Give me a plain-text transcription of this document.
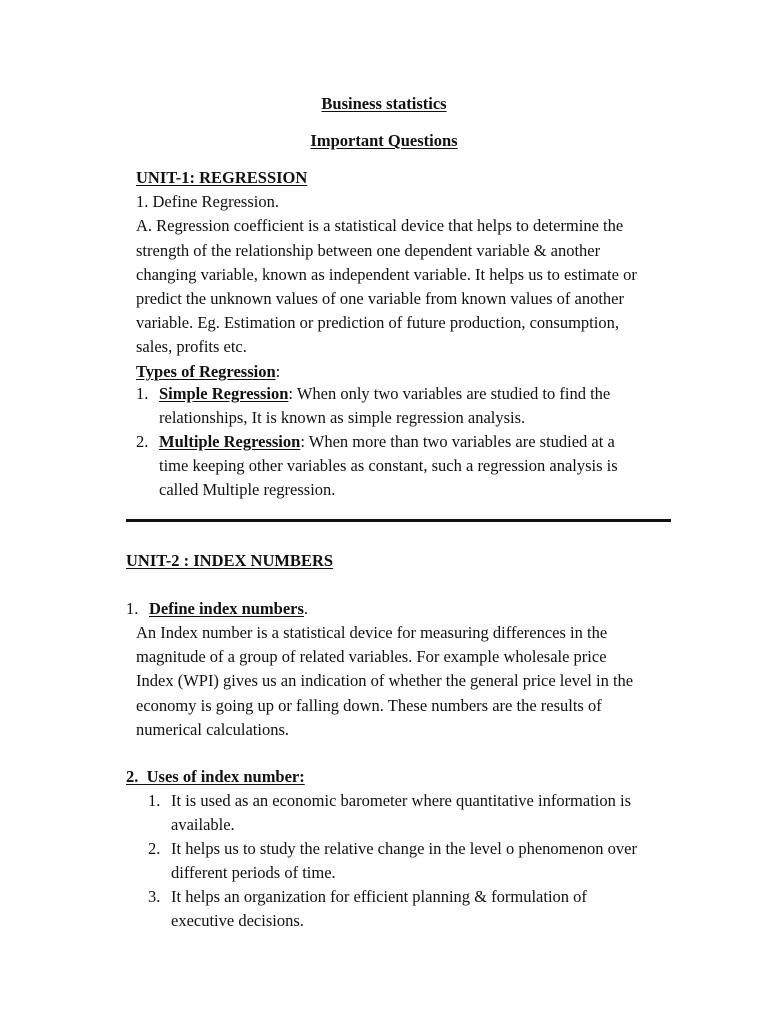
Business statistics
Important Questions
UNIT-1: REGRESSION
1. Define Regression.
A. Regression coefficient is a statistical device that helps to determine the
strength of the relationship between one dependent variable & another
changing variable, known as independent variable. It helps us to estimate or
predict the unknown values of one variable from known values of another
variable. Eg. Estimation or prediction of future production, consumption,
sales, profits etc.
Types of Regression:
1. Simple Regression: When only two variables are studied to find the
relationships, It is known as simple regression analysis.
2. Multiple Regression: When more than two variables are studied at a
time keeping other variables as constant, such a regression analysis is
called Multiple regression.
UNIT-2 : INDEX NUMBERS
1. Define index numbers.
An Index number is a statistical device for measuring differences in the
magnitude of a group of related variables. For example wholesale price
Index (WPI) gives us an indication of whether the general price level in the
economy is going up or falling down. These numbers are the results of
numerical calculations.
2.  Uses of index number:
1. It is used as an economic barometer where quantitative information is
available.
2. It helps us to study the relative change in the level o phenomenon over
different periods of time.
3. It helps an organization for efficient planning & formulation of
executive decisions.
